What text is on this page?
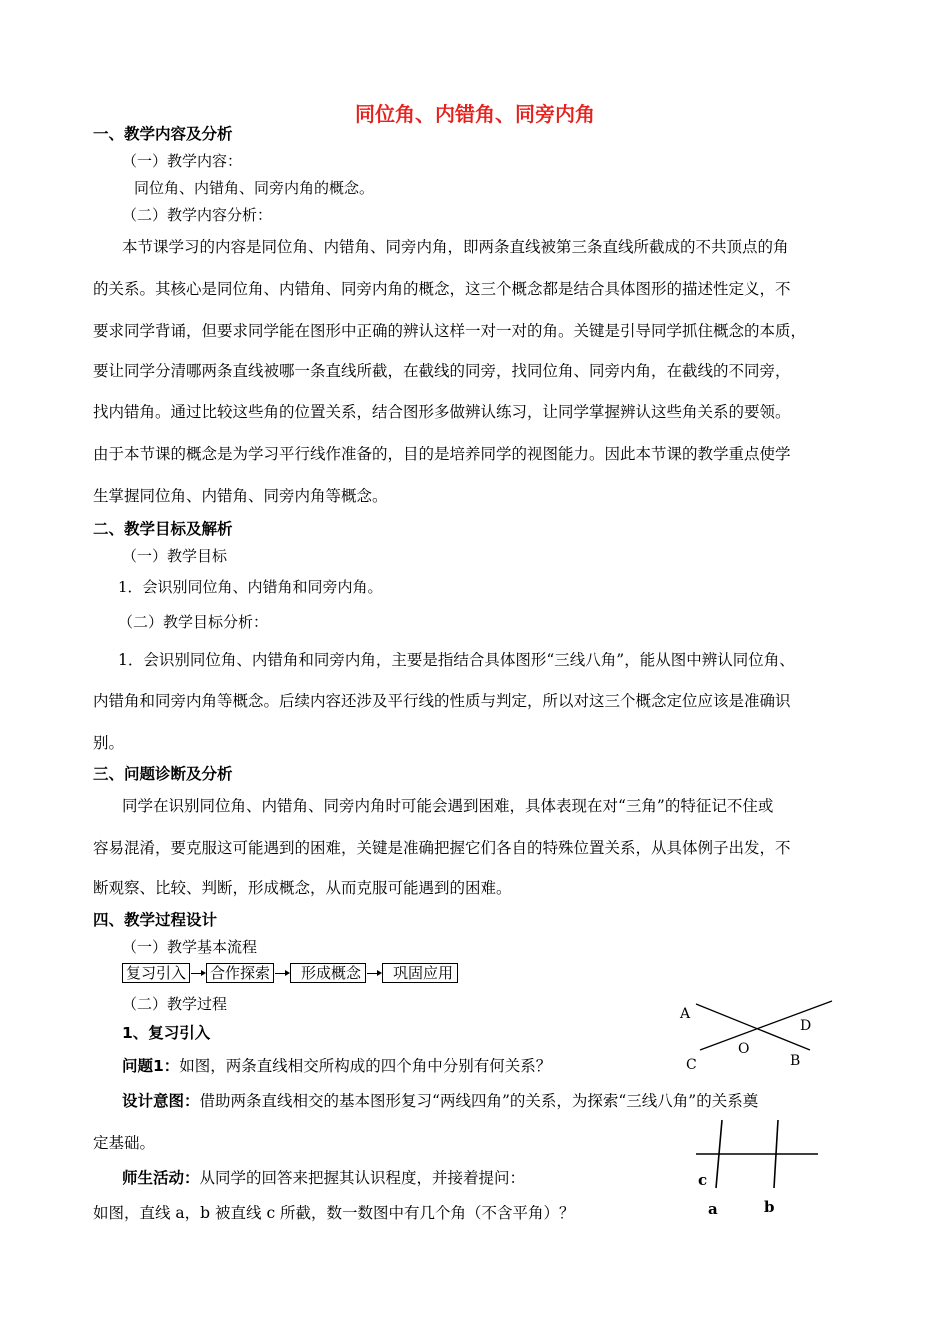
同位角、内错角、同旁内角
一、教学内容及分析
（一）教学内容：
同位角、内错角、同旁内角的概念。
（二）教学内容分析：
本节课学习的内容是同位角、内错角、同旁内角，即两条直线被第三条直线所截成的不共顶点的角
的关系。其核心是同位角、内错角、同旁内角的概念，这三个概念都是结合具体图形的描述性定义，不
要求同学背诵，但要求同学能在图形中正确的辨认这样一对一对的角。关键是引导同学抓住概念的本质，
要让同学分清哪两条直线被哪一条直线所截，在截线的同旁，找同位角、同旁内角，在截线的不同旁，
找内错角。通过比较这些角的位置关系，结合图形多做辨认练习，让同学掌握辨认这些角关系的要领。
由于本节课的概念是为学习平行线作准备的，目的是培养同学的视图能力。因此本节课的教学重点使学
生掌握同位角、内错角、同旁内角等概念。
二、教学目标及解析
（一）教学目标
1．会识别同位角、内错角和同旁内角。
（二）教学目标分析：
1．会识别同位角、内错角和同旁内角，主要是指结合具体图形“三线八角”，能从图中辨认同位角、
内错角和同旁内角等概念。后续内容还涉及平行线的性质与判定，所以对这三个概念定位应该是准确识
别。
三、问题诊断及分析
同学在识别同位角、内错角、同旁内角时可能会遇到困难，具体表现在对“三角”的特征记不住或
容易混淆，要克服这可能遇到的困难，关键是准确把握它们各自的特殊位置关系，从具体例子出发，不
断观察、比较、判断，形成概念，从而克服可能遇到的困难。
四、教学过程设计
（一）教学基本流程
复习引入 合作探索	形成概念	巩固应用
（二）教学过程
1、复习引入
问题1：如图，两条直线相交所构成的四个角中分别有何关系？
设计意图：借助两条直线相交的基本图形复习“两线四角”的关系，为探索“三线八角”的关系奠
定基础。
师生活动：从同学的回答来把握其认识程度，并接着提问：
如图，直线 a，b 被直线 c 所截，数一数图中有几个角（不含平角）？
A
D
O
C	B
c
a	b
